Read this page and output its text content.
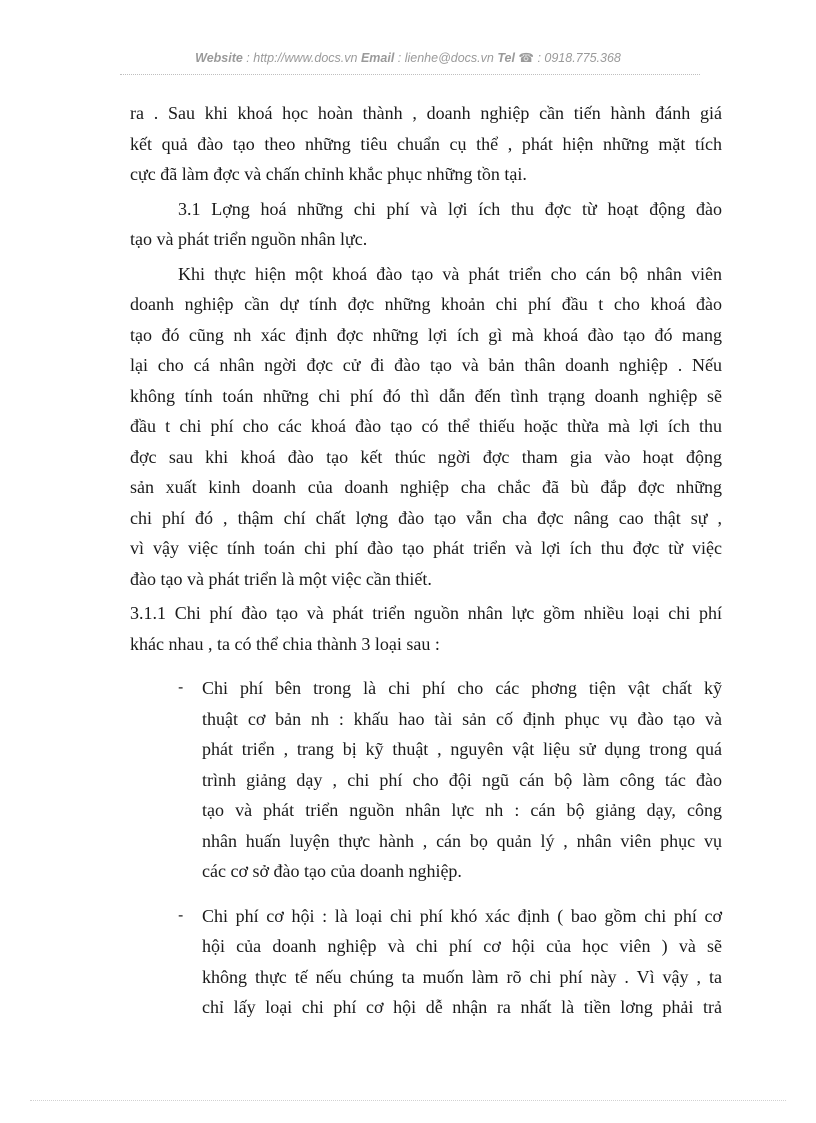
Website : http://www.docs.vn Email : lienhe@docs.vn Tel ☎ : 0918.775.368
ra . Sau khi khoá học hoàn thành , doanh nghiệp cần tiến hành đánh giá
kết quả đào tạo theo những tiêu chuẩn cụ thể , phát hiện những mặt tích
cực đã làm đợc và chấn chỉnh khắc phục những tồn tại.
3.1 Lợng hoá những chi phí và lợi ích thu đợc từ hoạt động đào
tạo và phát triển nguồn nhân lực.
Khi thực hiện một khoá đào tạo và phát triển cho cán bộ nhân viên
doanh nghiệp cần dự tính đợc những khoản chi phí đầu t cho khoá đào
tạo đó cũng nh xác định đợc những lợi ích gì mà khoá đào tạo đó mang
lại cho cá nhân ngời đợc cử đi đào tạo và bản thân doanh nghiệp . Nếu
không tính toán những chi phí đó thì dẫn đến tình trạng doanh nghiệp sẽ
đầu t chi phí cho các khoá đào tạo có thể thiếu hoặc thừa mà lợi ích thu
đợc sau khi khoá đào tạo kết thúc ngời đợc tham gia vào hoạt động
sản xuất kinh doanh của doanh nghiệp cha chắc đã bù đắp đợc những
chi phí đó , thậm chí chất lợng đào tạo vẫn cha đợc nâng cao thật sự ,
vì vậy việc tính toán chi phí đào tạo phát triển và lợi ích thu đợc từ việc
đào tạo và phát triển là một việc cần thiết.
3.1.1 Chi phí đào tạo và phát triển nguồn nhân lực gồm nhiều loại chi phí
khác nhau , ta có thể chia thành 3 loại sau :
- Chi phí bên trong là chi phí cho các phơng tiện vật chất kỹ
thuật cơ bản nh : khấu hao tài sản cố định phục vụ đào tạo và
phát triển , trang bị kỹ thuật , nguyên vật liệu sử dụng trong quá
trình giảng dạy , chi phí cho đội ngũ cán bộ làm công tác đào
tạo và phát triển nguồn nhân lực nh : cán bộ giảng dạy, công
nhân huấn luyện thực hành , cán bọ quản lý , nhân viên phục vụ
các cơ sở đào tạo của doanh nghiệp.
- Chi phí cơ hội : là loại chi phí khó xác định ( bao gồm chi phí cơ
hội của doanh nghiệp và chi phí cơ hội của học viên ) và sẽ
không thực tế nếu chúng ta muốn làm rõ chi phí này . Vì vậy , ta
chỉ lấy loại chi phí cơ hội dễ nhận ra nhất là tiền lơng phải trả
